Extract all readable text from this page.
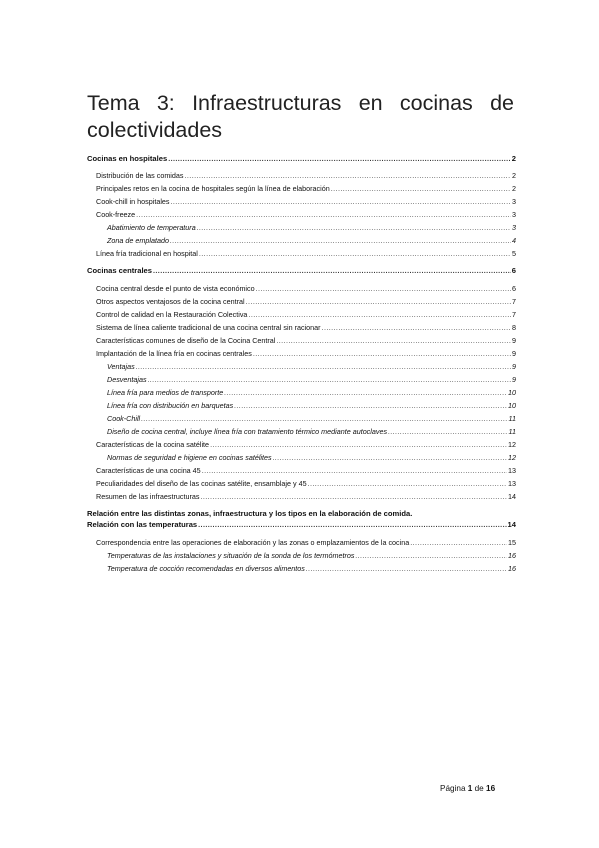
Tema 3: Infraestructuras en cocinas de colectividades
Cocinas en hospitales .....	2
Distribución de las comidas .....	2
Principales retos en la cocina de hospitales según la línea de elaboración .....	2
Cook-chill in hospitales .....	3
Cook-freeze .....	3
Abatimiento de temperatura .....	3
Zona de emplatado .....	4
Línea fría tradicional en hospital .....	5
Cocinas centrales .....	6
Cocina central desde el punto de vista económico .....	6
Otros aspectos ventajosos de la cocina central .....	7
Control de calidad en la Restauración Colectiva .....	7
Sistema de línea caliente tradicional de una cocina central sin racionar .....	8
Características comunes de diseño de la Cocina Central .....	9
Implantación de la línea fría en cocinas centrales .....	9
Ventajas .....	9
Desventajas .....	9
Línea fría para medios de transporte .....	10
Línea fría con distribución en barquetas .....	10
Cook-Chill .....	11
Diseño de cocina central, incluye línea fría con tratamiento térmico mediante autoclaves .....	11
Características de la cocina satélite .....	12
Normas de seguridad e higiene en cocinas satélites .....	12
Características de una cocina 45 .....	13
Peculiaridades del diseño de las cocinas satélite, ensamblaje y 45 .....	13
Resumen de las infraestructuras .....	14
Relación entre las distintas zonas, infraestructura y los tipos en la elaboración de comida.
Relación con las temperaturas .....	14
Correspondencia entre las operaciones de elaboración y las zonas o emplazamientos de la cocina .....	15
Temperaturas de las instalaciones y situación de la sonda de los termómetros .....	16
Temperatura de cocción recomendadas en diversos alimentos .....	16
Página 1 de 16
